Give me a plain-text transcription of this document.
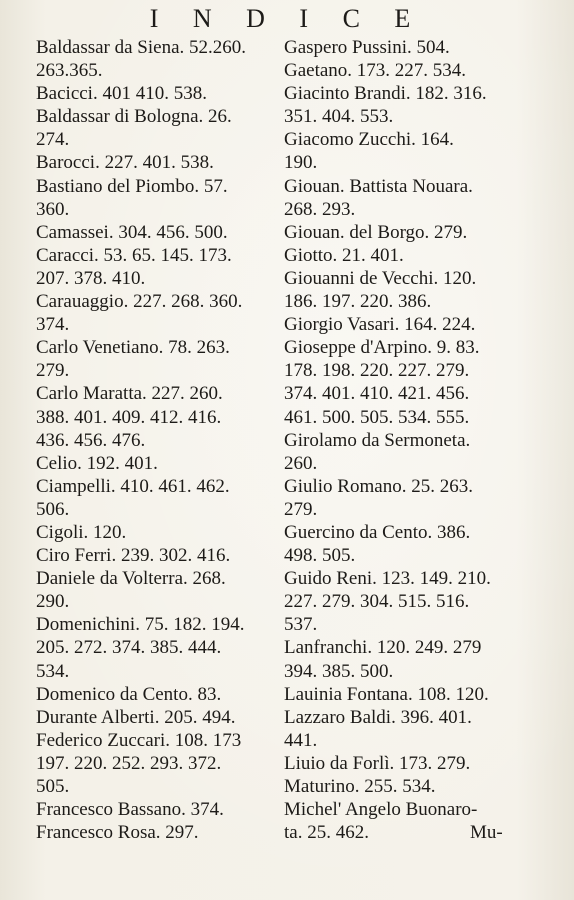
I N D I C E
Baldassar da Siena. 52.260.
263.365.
Bacicci. 401 410. 538.
Baldassar di Bologna. 26.
274.
Barocci. 227. 401. 538.
Bastiano del Piombo. 57.
360.
Camassei. 304. 456. 500.
Caracci. 53. 65. 145. 173.
207. 378. 410.
Carauaggio. 227. 268. 360.
374.
Carlo Venetiano. 78. 263.
279.
Carlo Maratta. 227. 260.
388. 401. 409. 412. 416.
436. 456. 476.
Celio. 192. 401.
Ciampelli. 410. 461. 462.
506.
Cigoli. 120.
Ciro Ferri. 239. 302. 416.
Daniele da Volterra. 268.
290.
Domenichini. 75. 182. 194.
205. 272. 374. 385. 444.
534.
Domenico da Cento. 83.
Durante Alberti. 205. 494.
Federico Zuccari. 108. 173
197. 220. 252. 293. 372.
505.
Francesco Bassano. 374.
Francesco Rosa. 297.
Gaspero Pussini. 504.
Gaetano. 173. 227. 534.
Giacinto Brandi. 182. 316.
351. 404. 553.
Giacomo Zucchi. 164.
190.
Giouan. Battista Nouara.
268. 293.
Giouan. del Borgo. 279.
Giotto. 21. 401.
Giouanni de Vecchi. 120.
186. 197. 220. 386.
Giorgio Vasari. 164. 224.
Gioseppe d'Arpino. 9. 83.
178. 198. 220. 227. 279.
374. 401. 410. 421. 456.
461. 500. 505. 534. 555.
Girolamo da Sermoneta.
260.
Giulio Romano. 25. 263.
279.
Guercino da Cento. 386.
498. 505.
Guido Reni. 123. 149. 210.
227. 279. 304. 515. 516.
537.
Lanfranchi. 120. 249. 279
394. 385. 500.
Lauinia Fontana. 108. 120.
Lazzaro Baldi. 396. 401.
441.
Liuio da Forlì. 173. 279.
Maturino. 255. 534.
Michel' Angelo Buonaro-
ta. 25. 462.	Mu-
